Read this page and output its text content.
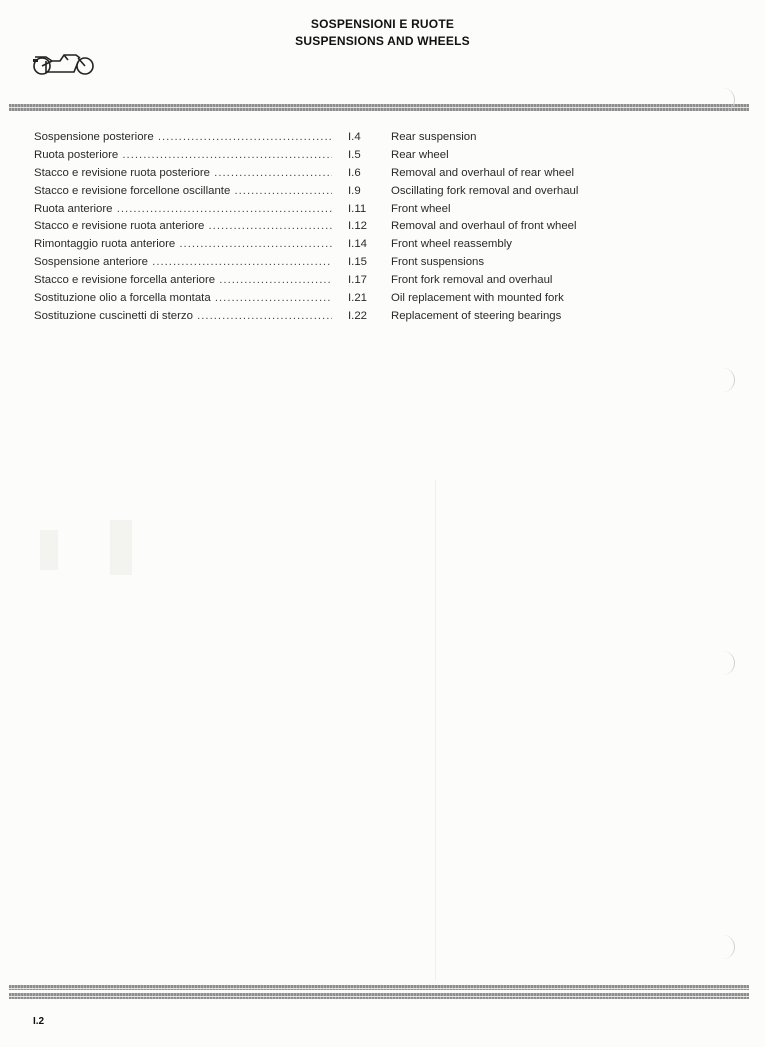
SOSPENSIONI E RUOTE
SUSPENSIONS AND WHEELS
Sospensione posteriore .....	I.4	Rear suspension
Ruota posteriore .....	I.5	Rear wheel
Stacco e revisione ruota posteriore .....	I.6	Removal and overhaul of rear wheel
Stacco e revisione forcellone oscillante .....	I.9	Oscillating fork removal and overhaul
Ruota anteriore .....	I.11	Front wheel
Stacco e revisione ruota anteriore .....	I.12	Removal and overhaul of front wheel
Rimontaggio ruota anteriore .....	I.14	Front wheel reassembly
Sospensione anteriore .....	I.15	Front suspensions
Stacco e revisione forcella anteriore .....	I.17	Front fork removal and overhaul
Sostituzione olio a forcella montata .....	I.21	Oil replacement with mounted fork
Sostituzione cuscinetti di sterzo .....	I.22	Replacement of steering bearings
I.2
